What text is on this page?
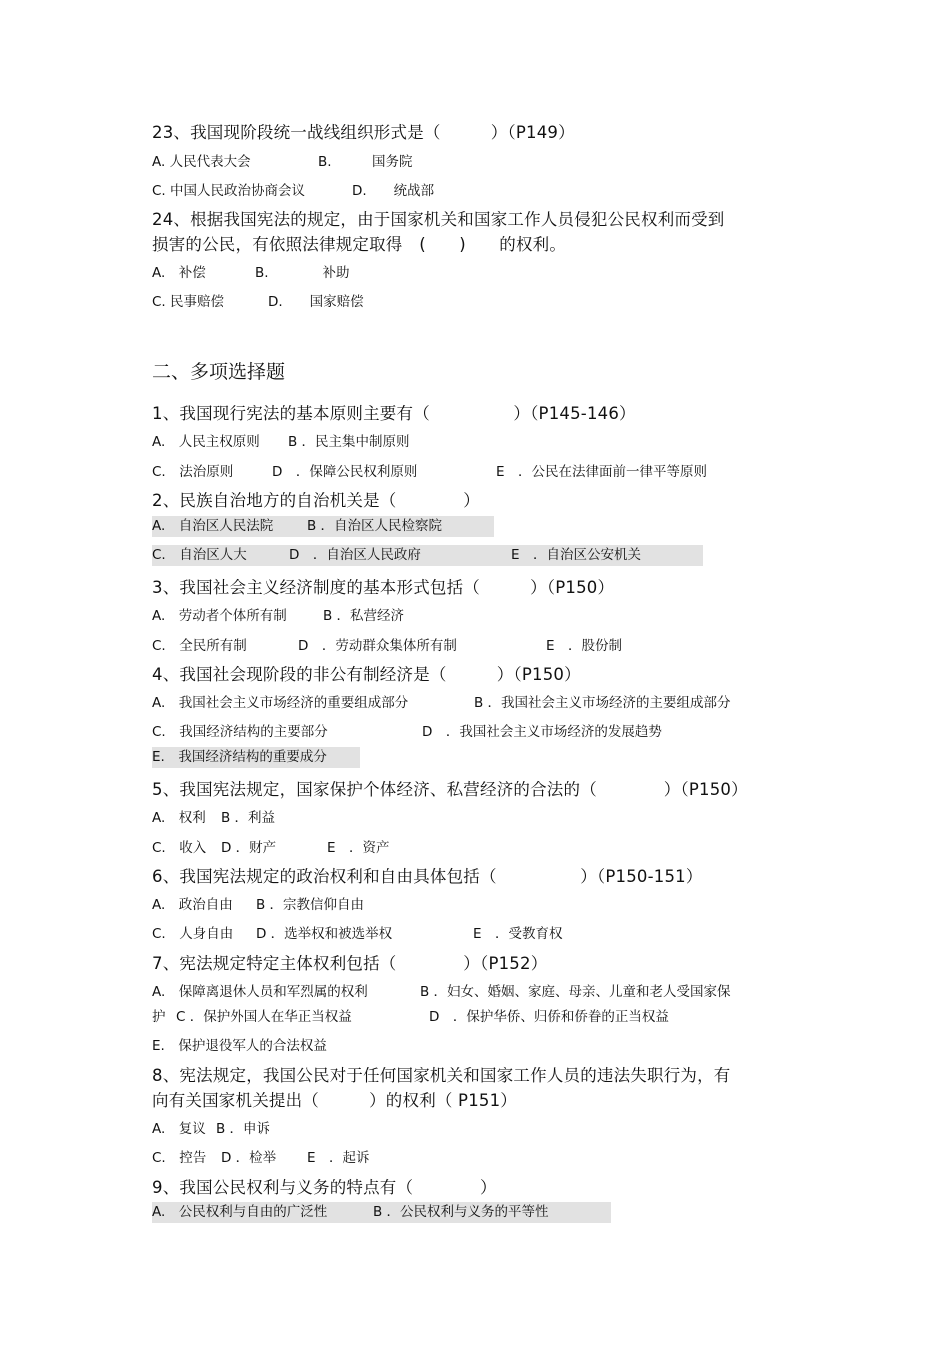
23、我国现阶段统一战线组织形式是（　　　）（P149）
A. 人民代表大会	B.　　　国务院
C. 中国人民政治协商会议	D.　　统战部
24、根据我国宪法的规定，由于国家机关和国家工作人员侵犯公民权利而受到
损害的公民，有依照法律规定取得　(　　)　　的权利。
A.　补偿	B.　　　　补助
C. 民事赔偿	D.　　国家赔偿
二、多项选择题
1、我国现行宪法的基本原则主要有（　　　　　）（P145-146）
A.　人民主权原则 B ．民主集中制原则
C.　法治原则	D　．保障公民权利原则	E　．公民在法律面前一律平等原则
2、民族自治地方的自治机关是（　　　　）
A.　自治区人民法院 B ．自治区人民检察院
C.　自治区人大	D　．自治区人民政府	E　．自治区公安机关
3、我国社会主义经济制度的基本形式包括（　　　）（P150）
A.　劳动者个体所有制	B ．私营经济
C.　全民所有制	D　．劳动群众集体所有制	E　．股份制
4、我国社会现阶段的非公有制经济是（　　　）（P150）
A.　我国社会主义市场经济的重要组成部分	B ．我国社会主义市场经济的主要组成部分
C.　我国经济结构的主要部分	D　．我国社会主义市场经济的发展趋势
E.　我国经济结构的重要成分
5、我国宪法规定，国家保护个体经济、私营经济的合法的（　　　　）（P150）
A.　权利 B ．利益
C.　收入 D ．财产	E　．资产
6、我国宪法规定的政治权利和自由具体包括（　　　　　）（P150-151）
A.　政治自由 B ．宗教信仰自由
C.　人身自由 D ．选举权和被选举权	E　．受教育权
7、宪法规定特定主体权利包括（　　　　）（P152）
A.　保障离退休人员和军烈属的权利	B ．妇女、婚姻、家庭、母亲、儿童和老人受国家保
护 C ．保护外国人在华正当权益	D　．保护华侨、归侨和侨眷的正当权益
E.　保护退役军人的合法权益
8、宪法规定，我国公民对于任何国家机关和国家工作人员的违法失职行为，有
向有关国家机关提出（　　　）的权利（ P151）
A.　复议 B ．申诉
C.　控告 D ．检举 E　．起诉
9、我国公民权利与义务的特点有（　　　　）
A.　公民权利与自由的广泛性	B ．公民权利与义务的平等性
